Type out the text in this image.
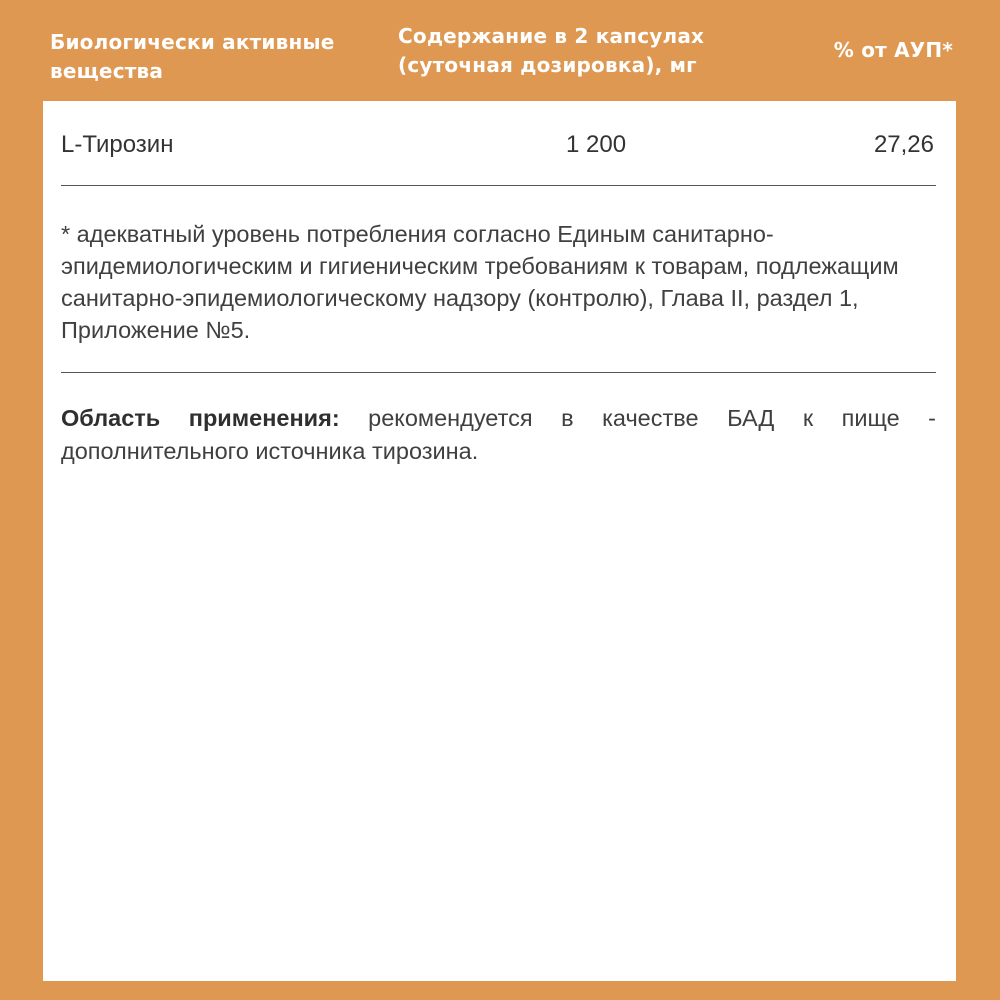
Биологически активные вещества
Содержание в 2 капсулах (суточная дозировка), мг
% от АУП*
L-Тирозин	1 200	27,26
* адекватный уровень потребления согласно Единым санитарно-эпидемиологическим и гигиеническим требованиям к товарам, подлежащим санитарно-эпидемиологическому надзору (контролю), Глава II, раздел 1, Приложение №5.
Область применения: рекомендуется в качестве БАД к пище - дополнительного источника тирозина.
